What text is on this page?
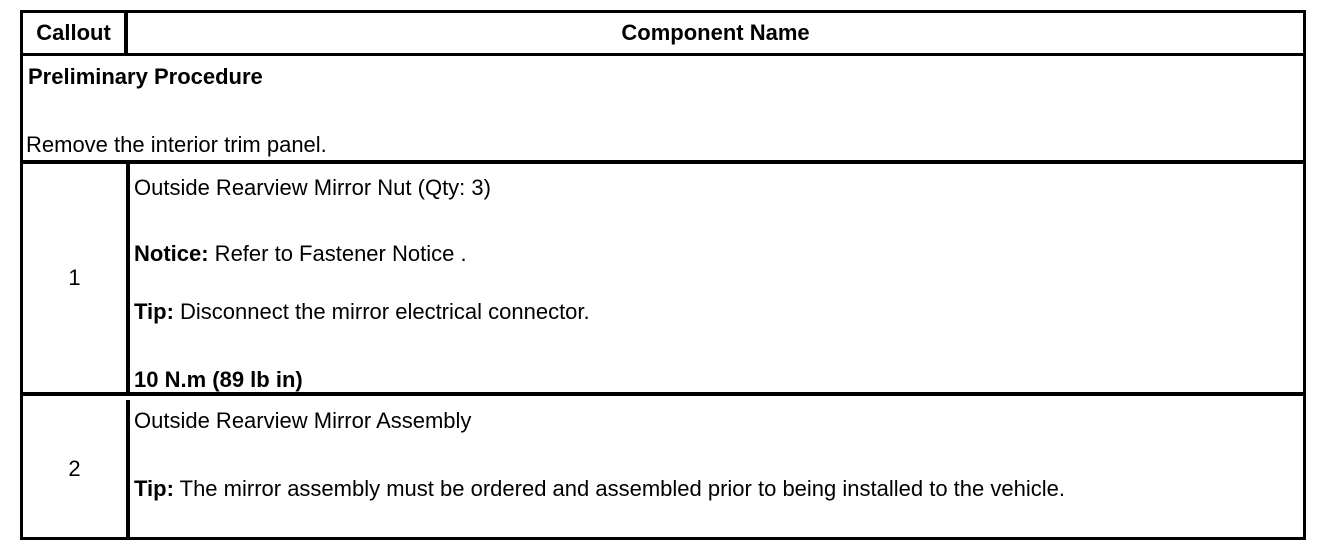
Callout	Component Name
Preliminary Procedure
Remove the interior trim panel.
1
Outside Rearview Mirror Nut (Qty: 3)
Notice: Refer to Fastener Notice .
Tip: Disconnect the mirror electrical connector.
10 N.m (89 lb in)
2
Outside Rearview Mirror Assembly
Tip: The mirror assembly must be ordered and assembled prior to being installed to the vehicle.
